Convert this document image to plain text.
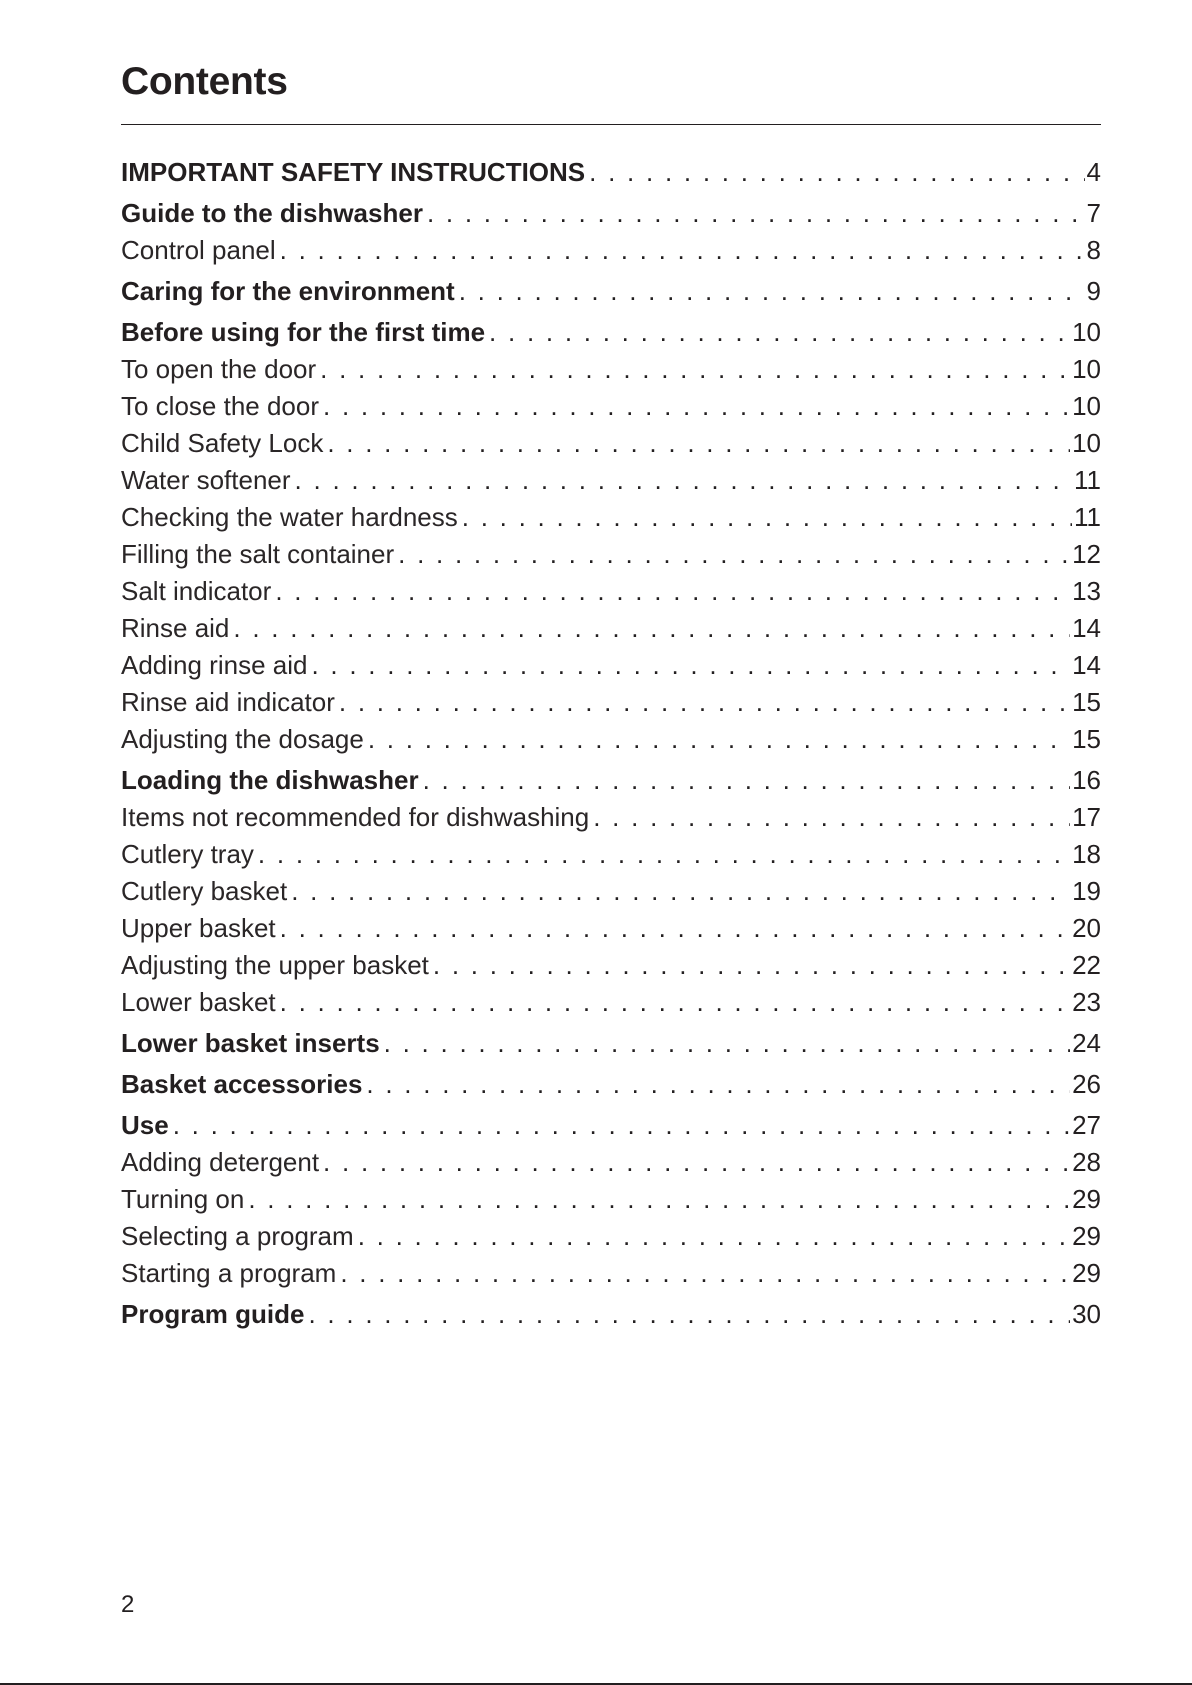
Contents
IMPORTANT SAFETY INSTRUCTIONS . . .	4
Guide to the dishwasher . . .	7
Control panel . . .	8
Caring for the environment . . .	9
Before using for the first time . . .	10
To open the door . . .	10
To close the door . . .	10
Child Safety Lock . . .	10
Water softener . . .	11
Checking the water hardness . . .	11
Filling the salt container . . .	12
Salt indicator . . .	13
Rinse aid . . .	14
Adding rinse aid . . .	14
Rinse aid indicator . . .	15
Adjusting the dosage . . .	15
Loading the dishwasher . . .	16
Items not recommended for dishwashing . . .	17
Cutlery tray . . .	18
Cutlery basket . . .	19
Upper basket . . .	20
Adjusting the upper basket . . .	22
Lower basket . . .	23
Lower basket inserts . . .	24
Basket accessories . . .	26
Use . . .	27
Adding detergent . . .	28
Turning on . . .	29
Selecting a program . . .	29
Starting a program . . .	29
Program guide . . .	30

2
